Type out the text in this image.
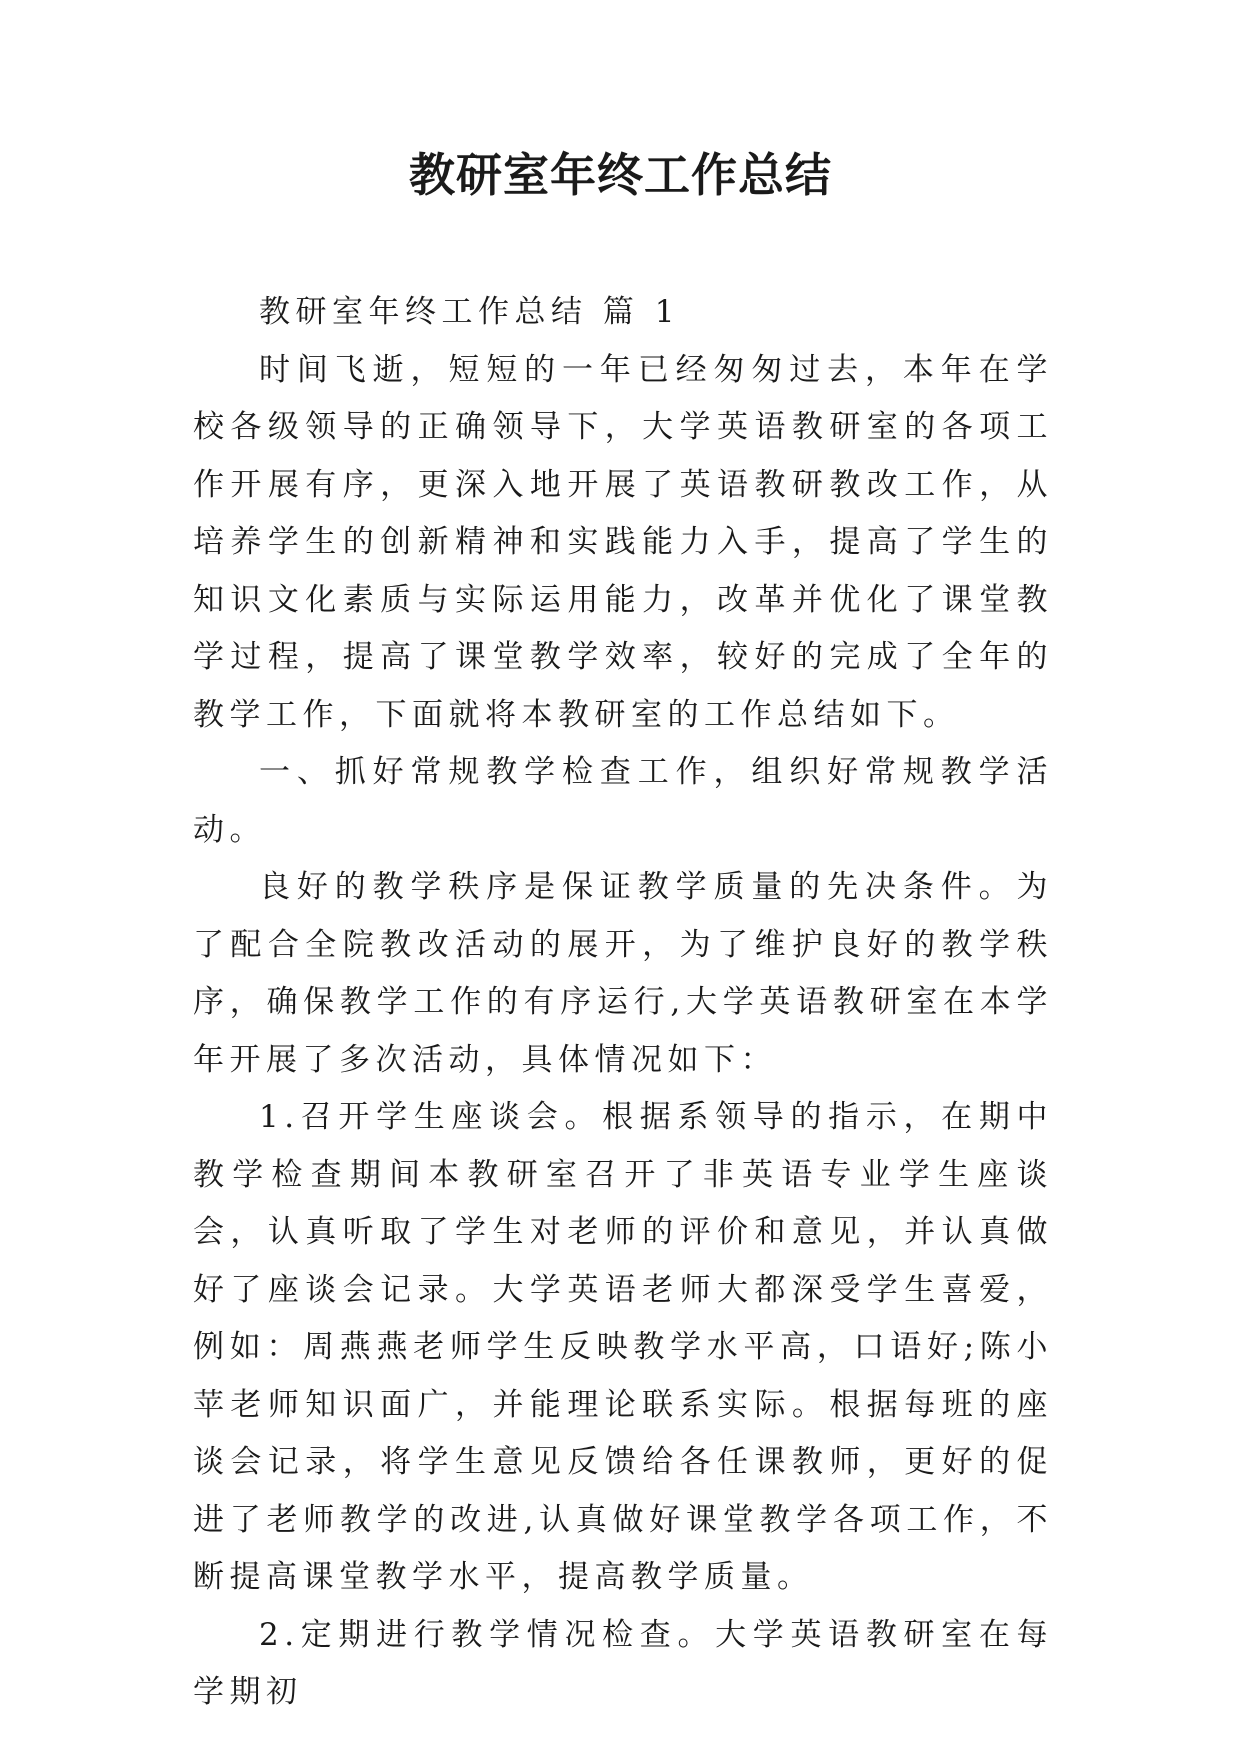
教研室年终工作总结

教研室年终工作总结 篇 1

时间飞逝，短短的一年已经匆匆过去，本年在学校各级领导的正确领导下，大学英语教研室的各项工作开展有序，更深入地开展了英语教研教改工作，从培养学生的创新精神和实践能力入手，提高了学生的知识文化素质与实际运用能力，改革并优化了课堂教学过程，提高了课堂教学效率，较好的完成了全年的教学工作，下面就将本教研室的工作总结如下。

一、抓好常规教学检查工作，组织好常规教学活动。

良好的教学秩序是保证教学质量的先决条件。为了配合全院教改活动的展开，为了维护良好的教学秩序，确保教学工作的有序运行,大学英语教研室在本学年开展了多次活动，具体情况如下：

1.召开学生座谈会。根据系领导的指示，在期中教学检查期间本教研室召开了非英语专业学生座谈会，认真听取了学生对老师的评价和意见，并认真做好了座谈会记录。大学英语老师大都深受学生喜爱，例如：周燕燕老师学生反映教学水平高，口语好;陈小苹老师知识面广，并能理论联系实际。根据每班的座谈会记录，将学生意见反馈给各任课教师，更好的促进了老师教学的改进,认真做好课堂教学各项工作，不断提高课堂教学水平，提高教学质量。

2.定期进行教学情况检查。大学英语教研室在每学期初
